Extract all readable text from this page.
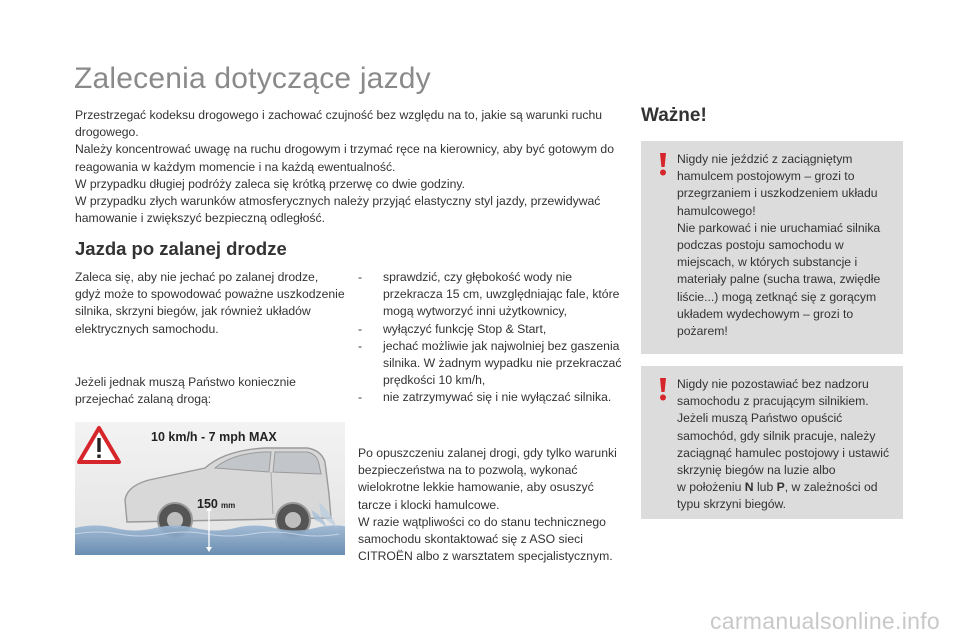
Zalecenia dotyczące jazdy

Przestrzegać kodeksu drogowego i zachować czujność bez względu na to, jakie są warunki ruchu drogowego.

Należy koncentrować uwagę na ruchu drogowym i trzymać ręce na kierownicy, aby być gotowym do reagowania w każdym momencie i na każdą ewentualność.

W przypadku długiej podróży zaleca się krótką przerwę co dwie godziny.

W przypadku złych warunków atmosferycznych należy przyjąć elastyczny styl jazdy, przewidywać hamowanie i zwiększyć bezpieczną odległość.

Jazda po zalanej drodze

Zaleca się, aby nie jechać po zalanej drodze, gdyż może to spowodować poważne uszkodzenie silnika, skrzyni biegów, jak również układów elektrycznych samochodu.

Jeżeli jednak muszą Państwo koniecznie przejechać zalaną drogą:

10 km/h - 7 mph MAX
150 mm
- sprawdzić, czy głębokość wody nie przekracza 15 cm, uwzględniając fale, które mogą wytworzyć inni użytkownicy,
- wyłączyć funkcję Stop & Start,
- jechać możliwie jak najwolniej bez gaszenia silnika. W żadnym wypadku nie przekraczać prędkości 10 km/h,
- nie zatrzymywać się i nie wyłączać silnika.

Po opuszczeniu zalanej drogi, gdy tylko warunki bezpieczeństwa na to pozwolą, wykonać wielokrotne lekkie hamowanie, aby osuszyć tarcze i klocki hamulcowe.

W razie wątpliwości co do stanu technicznego samochodu skontaktować się z ASO sieci CITROËN albo z warsztatem specjalistycznym.

Ważne!

Nigdy nie jeździć z zaciągniętym hamulcem postojowym – grozi to przegrzaniem i uszkodzeniem układu hamulcowego!

Nie parkować i nie uruchamiać silnika podczas postoju samochodu w miejscach, w których substancje i materiały palne (sucha trawa, zwiędłe liście...) mogą zetknąć się z gorącym układem wydechowym – grozi to pożarem!

Nigdy nie pozostawiać bez nadzoru samochodu z pracującym silnikiem.

Jeżeli muszą Państwo opuścić samochód, gdy silnik pracuje, należy zaciągnąć hamulec postojowy i ustawić skrzynię biegów na luzie albo

w położeniu N lub P, w zależności od typu skrzyni biegów.

carmanualsonline.info
